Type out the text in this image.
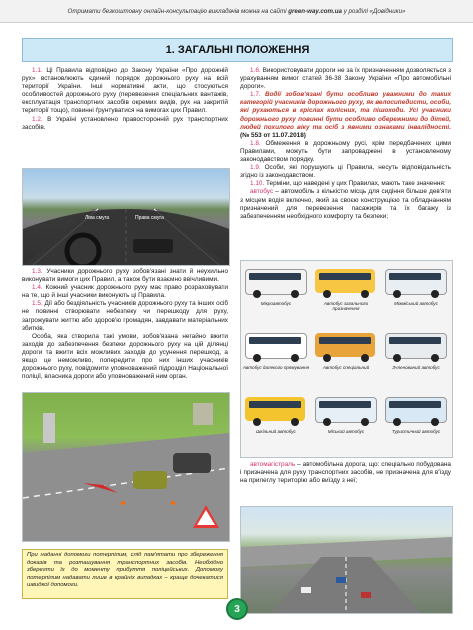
Отримати безкоштовну онлайн-консультацію викладачів можна на сайті
green-way.com.ua
у розділі «Довідники»
1. ЗАГАЛЬНІ ПОЛОЖЕННЯ

1.1. Ці Правила відповідно до Закону України «Про дорожній рух» встановлюють єдиний порядок дорожнього руху на всій території України. Інші нормативні акти, що стосуються особливостей дорожнього руху (перевезення спеціальних вантажів, експлуатація транспортних засобів окремих видів, рух на закритій території тощо), повинні ґрунтуватися на вимогах цих Правил.

1.2. В Україні установлено правосторонній рух транспортних засобів.

Ліва смуга	Права смуга

1.3. Учасники дорожнього руху зобов'язані знати й неухильно виконувати вимоги цих Правил, а також бути взаємно ввічливими.

1.4. Кожний учасник дорожнього руху має право розраховувати на те, що й інші учасники виконують ці Правила.

1.5. Дії або бездіяльність учасників дорожнього руху та інших осіб не повинні створювати небезпеку чи перешкоду для руху, загрожувати життю або здоров'ю громадян, завдавати матеріальних збитків.

Особа, яка створила такі умови, зобов'язана негайно вжити заходів до забезпечення безпеки дорожнього руху на цій ділянці дороги та вжити всіх можливих заходів до усунення перешкод, а якщо це неможливо, попередити про них інших учасників дорожнього руху, повідомити уповноважений підрозділ Національної поліції, власника дороги або уповноважений ним орган.

При наданні допомоги потерпілим, слід пам'ятати про збереження доказів та розташування транспортних засобів. Необхідно зберегти їх до моменту прибуття поліцейських. Допомогу потерпілим надавати лише в крайніх випадках – краще дочекатися швидкої допомоги.

1.6. Використовувати дороги не за їх призначенням дозволяється з урахуванням вимог статей 36-38 Закону України «Про автомобільні дороги».

1.7. Водії зобов'язані бути особливо уважними до таких категорій учасників дорожнього руху, як велосипедисти, особи, які рухаються в кріслах колісних, та пішоходи. Усі учасники дорожнього руху повинні бути особливо обережними до дітей, людей похилого віку та осіб з явними ознаками інвалідності. (№ 553 от 11.07.2018)

1.8. Обмеження в дорожньому русі, крім передбачених цими Правилами, можуть бути запроваджені в установленому законодавством порядку.

1.9. Особи, які порушують ці Правила, несуть відповідальність згідно із законодавством.

1.10. Терміни, що наведені у цих Правилах, мають таке значення:

автобус – автомобіль з кількістю місць для сидіння більше дев'яти з місцем водія включно, який за своєю конструкцією та обладнанням призначений для перевезення пасажирів та їх багажу із забезпеченням необхідного комфорту та безпеки;

Мікроавтобус	Автобус загального призначення
Міжміський автобус
Автобус далекого прямування	Автобус спеціальний	Зчленований автобус
Шкільний автобус	Міський автобус	Туристичний автобус

автомагістраль – автомобільна дорога, що: спеціально побудована і призначена для руху транспортних засобів, не призначена для в'їзду на прилеглу територію або виїзду з неї;

3
